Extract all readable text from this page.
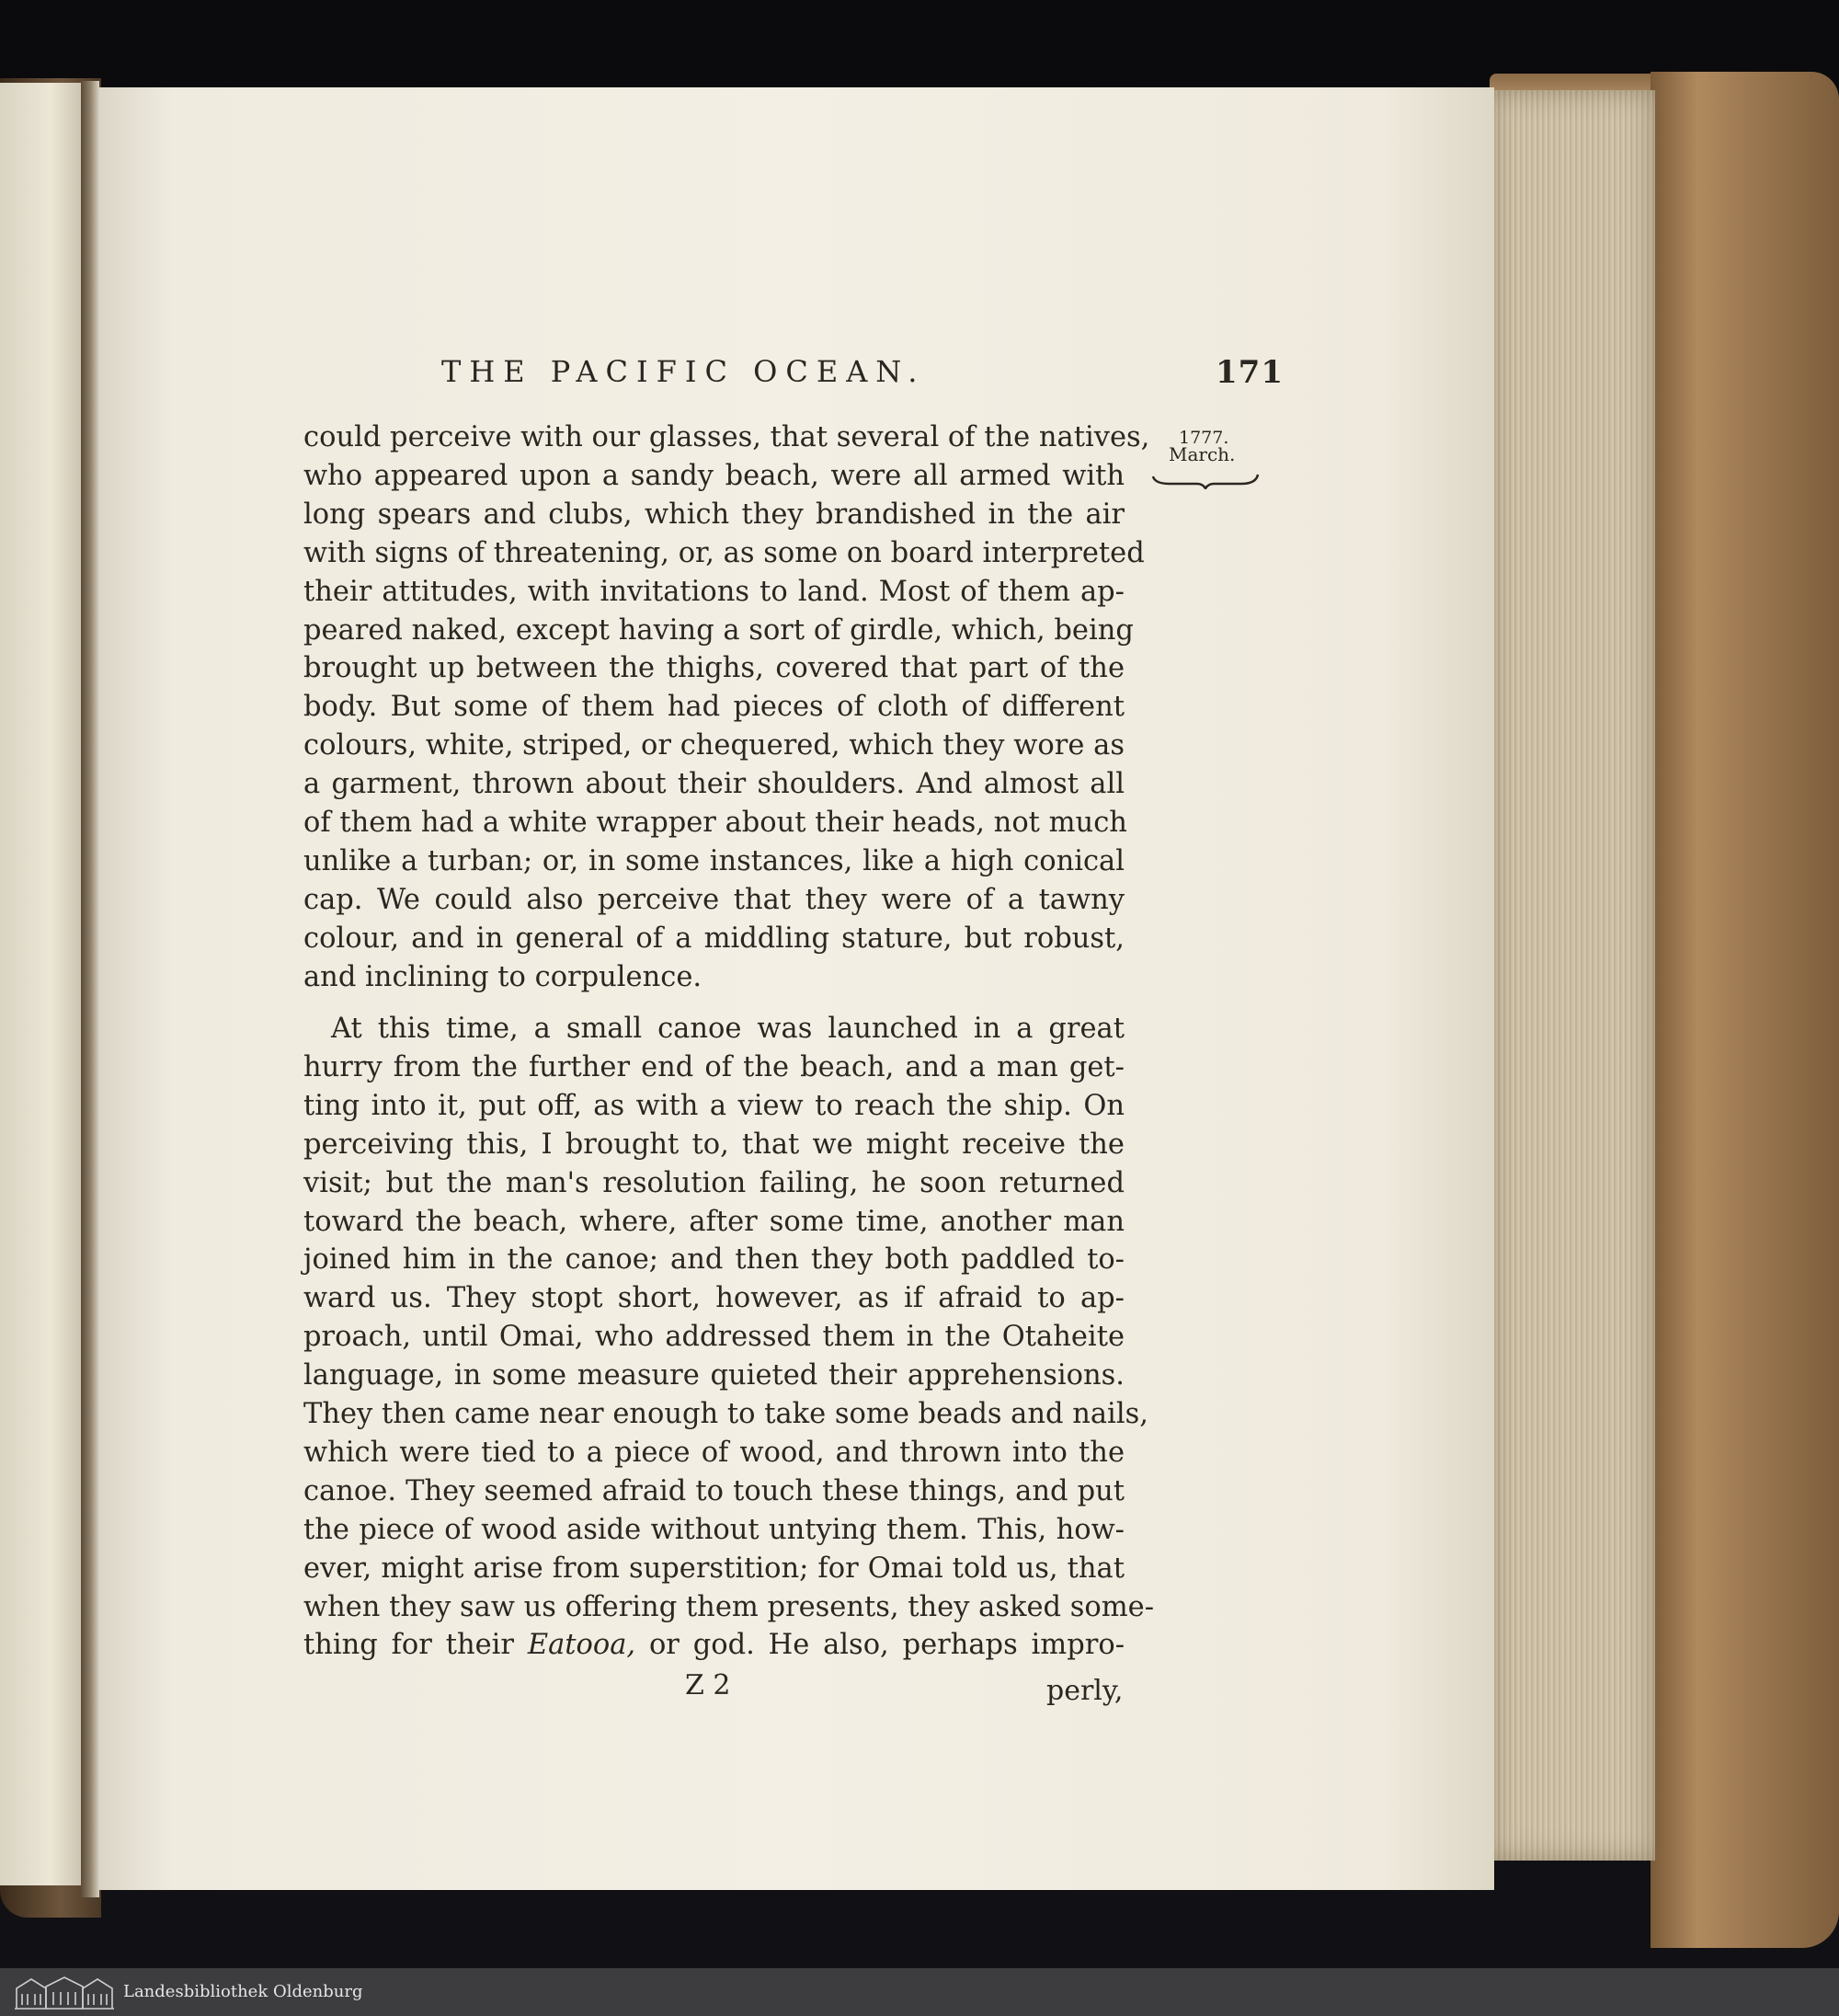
THE PACIFIC OCEAN.	171
1777.
March.
could perceive with our glasses, that several of the natives,
who appeared upon a sandy beach, were all armed with
long spears and clubs, which they brandished in the air
with signs of threatening, or, as some on board interpreted
their attitudes, with invitations to land. Most of them ap-
peared naked, except having a sort of girdle, which, being
brought up between the thighs, covered that part of the
body. But some of them had pieces of cloth of different
colours, white, striped, or chequered, which they wore as
a garment, thrown about their shoulders. And almost all
of them had a white wrapper about their heads, not much
unlike a turban; or, in some instances, like a high conical
cap. We could also perceive that they were of a tawny
colour, and in general of a middling stature, but robust,
and inclining to corpulence.
At this time, a small canoe was launched in a great
hurry from the further end of the beach, and a man get-
ting into it, put off, as with a view to reach the ship. On
perceiving this, I brought to, that we might receive the
visit; but the man's resolution failing, he soon returned
toward the beach, where, after some time, another man
joined him in the canoe; and then they both paddled to-
ward us. They stopt short, however, as if afraid to ap-
proach, until Omai, who addressed them in the Otaheite
language, in some measure quieted their apprehensions.
They then came near enough to take some beads and nails,
which were tied to a piece of wood, and thrown into the
canoe. They seemed afraid to touch these things, and put
the piece of wood aside without untying them. This, how-
ever, might arise from superstition; for Omai told us, that
when they saw us offering them presents, they asked some-
thing for their Eatooa, or god. He also, perhaps impro-
Z 2	perly,
Landesbibliothek Oldenburg
